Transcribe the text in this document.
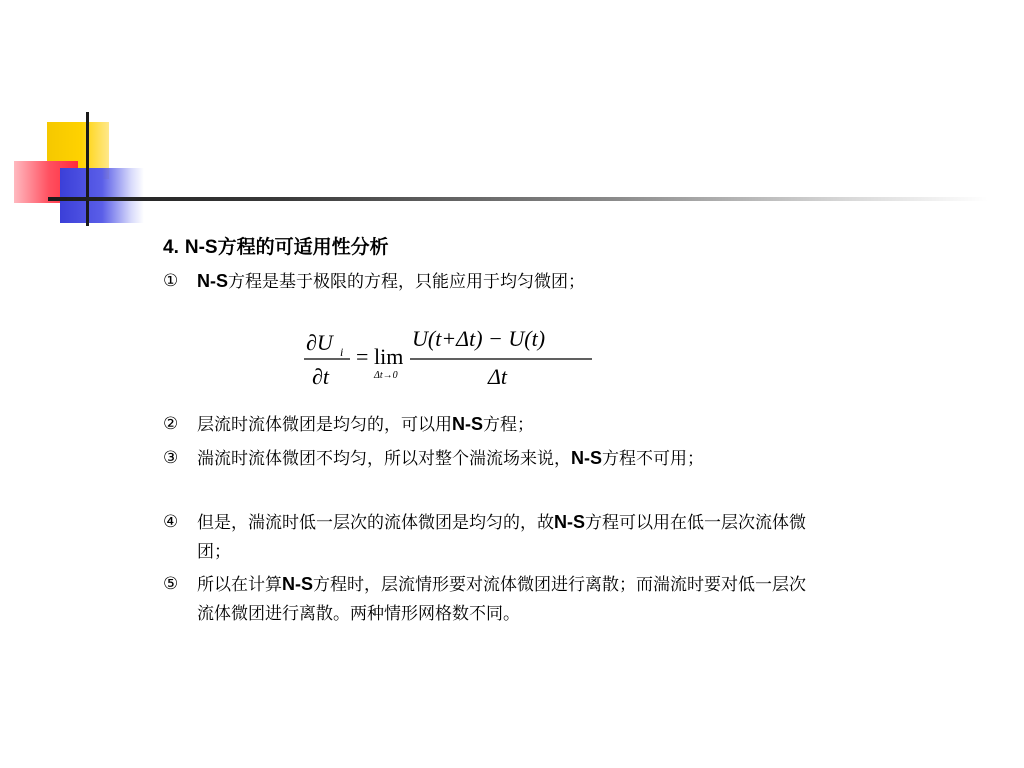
4. N-S方程的可适用性分析
①	N-S方程是基于极限的方程，只能应用于均匀微团；
∂U i
∂t
= lim
Δt→0
U(t+Δt) − U(t)
Δt
②	层流时流体微团是均匀的，可以用N-S方程；
③	湍流时流体微团不均匀，所以对整个湍流场来说，N-S方程不可用；
④	但是，湍流时低一层次的流体微团是均匀的，故N-S方程可以用在低一层次流体微团；
⑤	所以在计算N-S方程时，层流情形要对流体微团进行离散；而湍流时要对低一层次流体微团进行离散。两种情形网格数不同。
